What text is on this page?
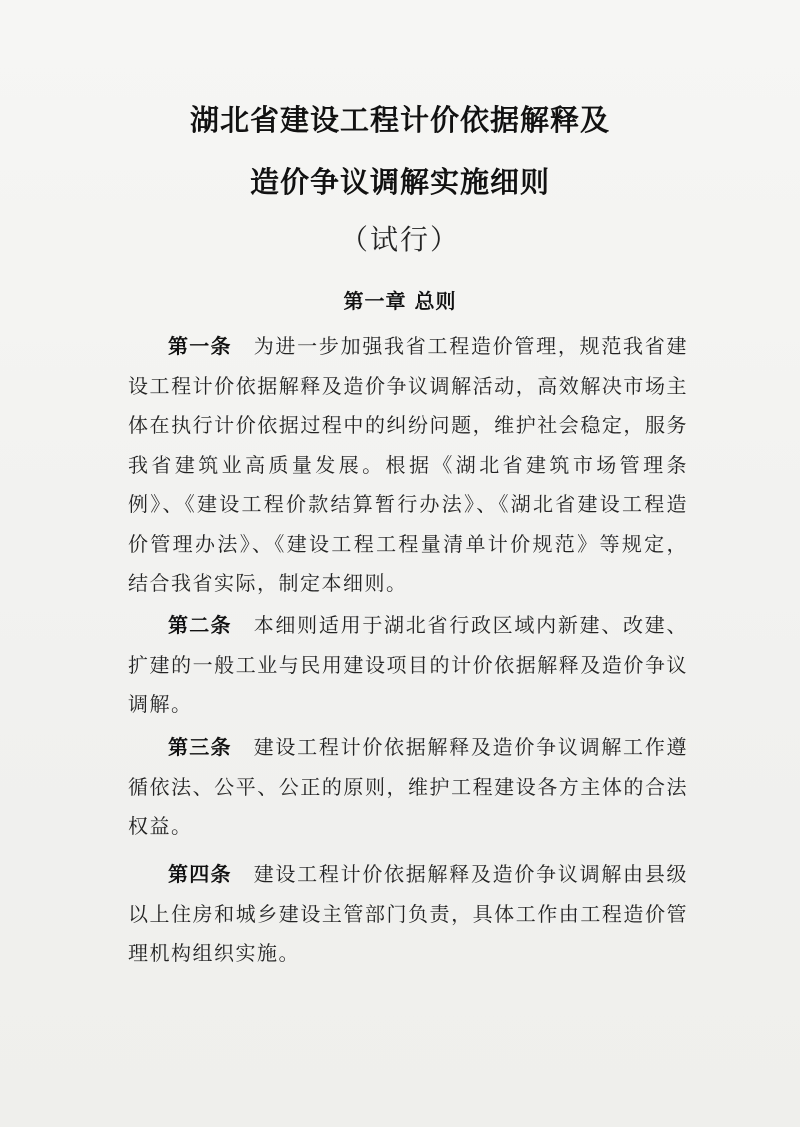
湖北省建设工程计价依据解释及
造价争议调解实施细则
（试行）
第一章 总则
第一条 为进一步加强我省工程造价管理，规范我省建设工程计价依据解释及造价争议调解活动，高效解决市场主体在执行计价依据过程中的纠纷问题，维护社会稳定，服务我省建筑业高质量发展。根据《湖北省建筑市场管理条例》、《建设工程价款结算暂行办法》、《湖北省建设工程造价管理办法》、《建设工程工程量清单计价规范》等规定，结合我省实际，制定本细则。
第二条 本细则适用于湖北省行政区域内新建、改建、扩建的一般工业与民用建设项目的计价依据解释及造价争议调解。
第三条 建设工程计价依据解释及造价争议调解工作遵循依法、公平、公正的原则，维护工程建设各方主体的合法权益。
第四条 建设工程计价依据解释及造价争议调解由县级以上住房和城乡建设主管部门负责，具体工作由工程造价管理机构组织实施。
